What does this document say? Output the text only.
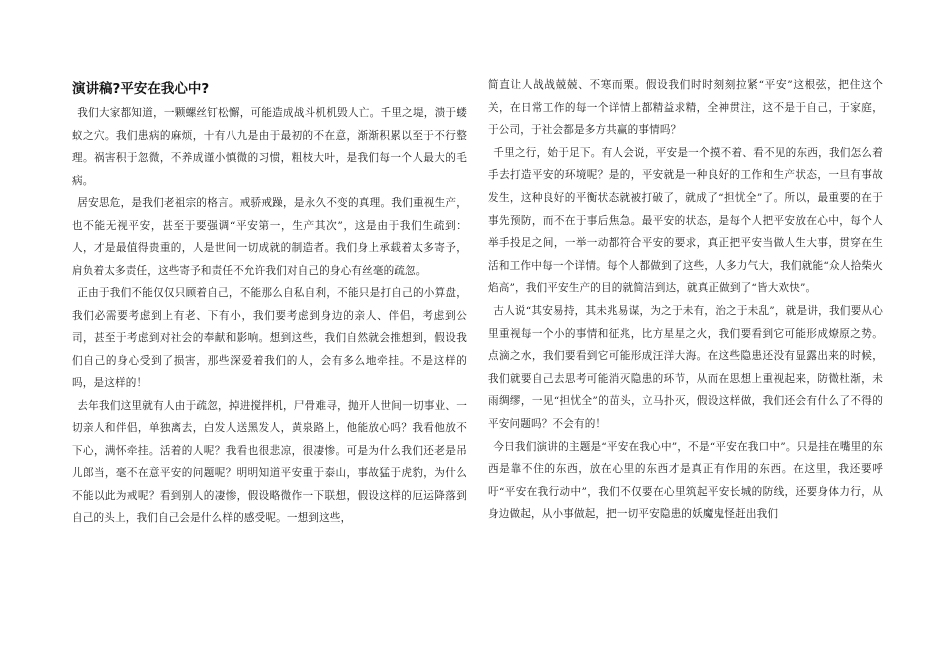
演讲稿?平安在我心中?

我们大家都知道，一颗螺丝钉松懈，可能造成战斗机机毁人亡。千里之堤，溃于蝼蚁之穴。我们患病的麻烦，十有八九是由于最初的不在意，渐渐积累以至于不行整理。祸害积于忽微，不养成谨小慎微的习惯，粗枝大叶，是我们每一个人最大的毛病。

居安思危，是我们老祖宗的格言。戒骄戒躁，是永久不变的真理。我们重视生产，也不能无视平安，甚至于要强调“平安第一，生产其次”，这是由于我们生疏到：人，才是最值得贵重的，人是世间一切成就的制造者。我们身上承载着太多寄予，肩负着太多责任，这些寄予和责任不允许我们对自己的身心有丝毫的疏忽。

正由于我们不能仅仅只顾着自己，不能那么自私自利，不能只是打自己的小算盘，我们必需要考虑到上有老、下有小，我们要考虑到身边的亲人、伴侣，考虑到公司，甚至于考虑到对社会的奉献和影响。想到这些，我们自然就会推想到，假设我们自己的身心受到了损害，那些深爱着我们的人，会有多么地牵挂。不是这样的吗，是这样的！

去年我们这里就有人由于疏忽，掉进搅拌机，尸骨难寻，抛开人世间一切事业、一切亲人和伴侣，单独离去，白发人送黑发人，黄泉路上，他能放心吗？我看他放不下心，满怀牵挂。活着的人呢？我看也很悲凉，很凄惨。可是为什么我们还老是吊儿郎当，毫不在意平安的问题呢？明明知道平安重于泰山，事故猛于虎豹，为什么不能以此为戒呢？看到别人的凄惨，假设略微作一下联想，假设这样的厄运降落到自己的头上，我们自己会是什么样的感受呢。一想到这些，

简直让人战战兢兢、不寒而栗。假设我们时时刻刻拉紧“平安”这根弦，把住这个关，在日常工作的每一个详情上都精益求精，全神贯注，这不是于自己，于家庭，于公司，于社会都是多方共赢的事情吗？

千里之行，始于足下。有人会说，平安是一个摸不着、看不见的东西，我们怎么着手去打造平安的环境呢？是的，平安就是一种良好的工作和生产状态，一旦有事故发生，这种良好的平衡状态就被打破了，就成了“担忧全”了。所以，最重要的在于事先预防，而不在于事后焦急。最平安的状态，是每个人把平安放在心中，每个人举手投足之间，一举一动都符合平安的要求，真正把平安当做人生大事，贯穿在生活和工作中每一个详情。每个人都做到了这些，人多力气大，我们就能“众人拾柴火焰高”，我们平安生产的目的就简洁到达，就真正做到了“皆大欢快”。

古人说“其安易持，其未兆易谋，为之于未有，治之于未乱”，就是讲，我们要从心里重视每一个小的事情和征兆，比方星星之火，我们要看到它可能形成燎原之势。点滴之水，我们要看到它可能形成汪洋大海。在这些隐患还没有显露出来的时候，我们就要自己去思考可能消灭隐患的环节，从而在思想上重视起来，防微杜渐，未雨绸缪，一见“担忧全”的苗头，立马扑灭，假设这样做，我们还会有什么了不得的平安问题吗？不会有的！

今日我们演讲的主题是“平安在我心中”，不是“平安在我口中”。只是挂在嘴里的东西是靠不住的东西，放在心里的东西才是真正有作用的东西。在这里，我还要呼吁“平安在我行动中”，我们不仅要在心里筑起平安长城的防线，还要身体力行，从身边做起，从小事做起，把一切平安隐患的妖魔鬼怪赶出我们
